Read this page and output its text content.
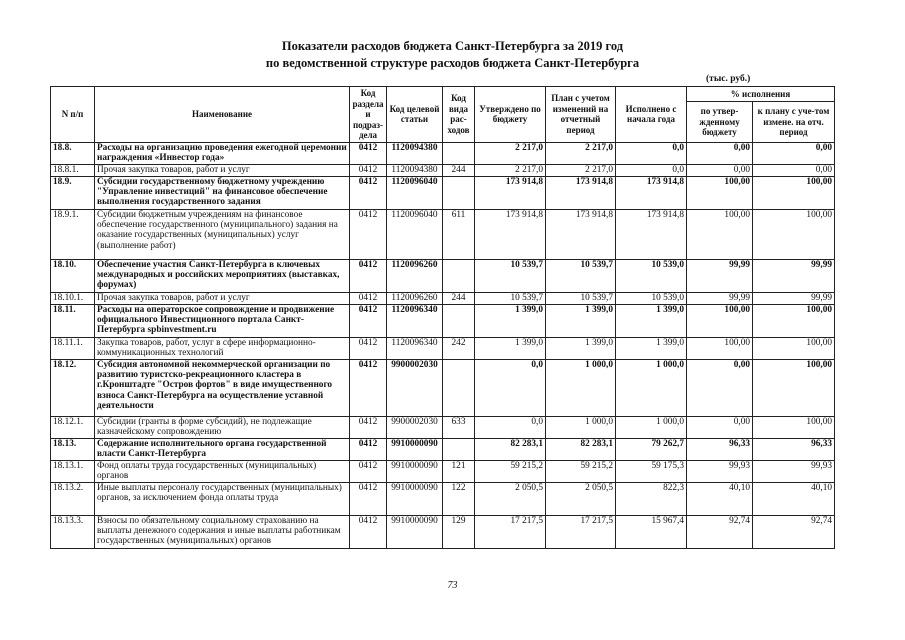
Показатели расходов бюджета Санкт-Петербурга за 2019 год
по ведомственной структуре расходов бюджета Санкт-Петербурга
(тыс. руб.)
N п/п	Наименование	Код раздела и подраз-дела	Код целевой статьи	Код вида рас-ходов	Утверждено по бюджету	План с учетом изменений на отчетный период	Исполнено с начала года	% исполнения	
								по утвер-жденному бюджету	к плану с уче-том измене. на отч. период
18.8.	Расходы на организацию проведения ежегодной церемонии награждения «Инвестор года»	0412	1120094380		2 217,0	2 217,0	0,0	0,00	0,00
18.8.1.	Прочая закупка товаров, работ и услуг	0412	1120094380	244	2 217,0	2 217,0	0,0	0,00	0,00
18.9.	Субсидии государственному бюджетному учреждению "Управление инвестиций" на финансовое обеспечение выполнения государственного задания	0412	1120096040		173 914,8	173 914,8	173 914,8	100,00	100,00
18.9.1.	Субсидии бюджетным учреждениям на финансовое обеспечение государственного (муниципального) задания на оказание государственных (муниципальных) услуг (выполнение работ)	0412	1120096040	611	173 914,8	173 914,8	173 914,8	100,00	100,00
18.10.	Обеспечение участия Санкт-Петербурга в ключевых международных и российских мероприятиях (выставках, форумах)	0412	1120096260		10 539,7	10 539,7	10 539,0	99,99	99,99
18.10.1.	Прочая закупка товаров, работ и услуг	0412	1120096260	244	10 539,7	10 539,7	10 539,0	99,99	99,99
18.11.	Расходы на операторское сопровождение и продвижение официального Инвестиционного портала Санкт-Петербурга spbinvestment.ru	0412	1120096340		1 399,0	1 399,0	1 399,0	100,00	100,00
18.11.1.	Закупка товаров, работ, услуг в сфере информационно-коммуникационных технологий	0412	1120096340	242	1 399,0	1 399,0	1 399,0	100,00	100,00
18.12.	Субсидия автономной некоммерческой организации по развитию туристско-рекреационного кластера в г.Кронштадте "Остров фортов" в виде имущественного взноса Санкт-Петербурга на осуществление уставной деятельности	0412	9900002030		0,0	1 000,0	1 000,0	0,00	100,00
18.12.1.	Субсидии (гранты в форме субсидий), не подлежащие казначейскому сопровождению	0412	9900002030	633	0,0	1 000,0	1 000,0	0,00	100,00
18.13.	Содержание исполнительного органа государственной власти Санкт-Петербурга	0412	9910000090		82 283,1	82 283,1	79 262,7	96,33	96,33
18.13.1.	Фонд оплаты труда государственных (муниципальных) органов	0412	9910000090	121	59 215,2	59 215,2	59 175,3	99,93	99,93
18.13.2.	Иные выплаты персоналу государственных (муниципальных) органов, за исключением фонда оплаты труда	0412	9910000090	122	2 050,5	2 050,5	822,3	40,10	40,10
18.13.3.	Взносы по обязательному социальному страхованию на выплаты денежного содержания и иные выплаты работникам государственных (муниципальных) органов	0412	9910000090	129	17 217,5	17 217,5	15 967,4	92,74	92,74
73
